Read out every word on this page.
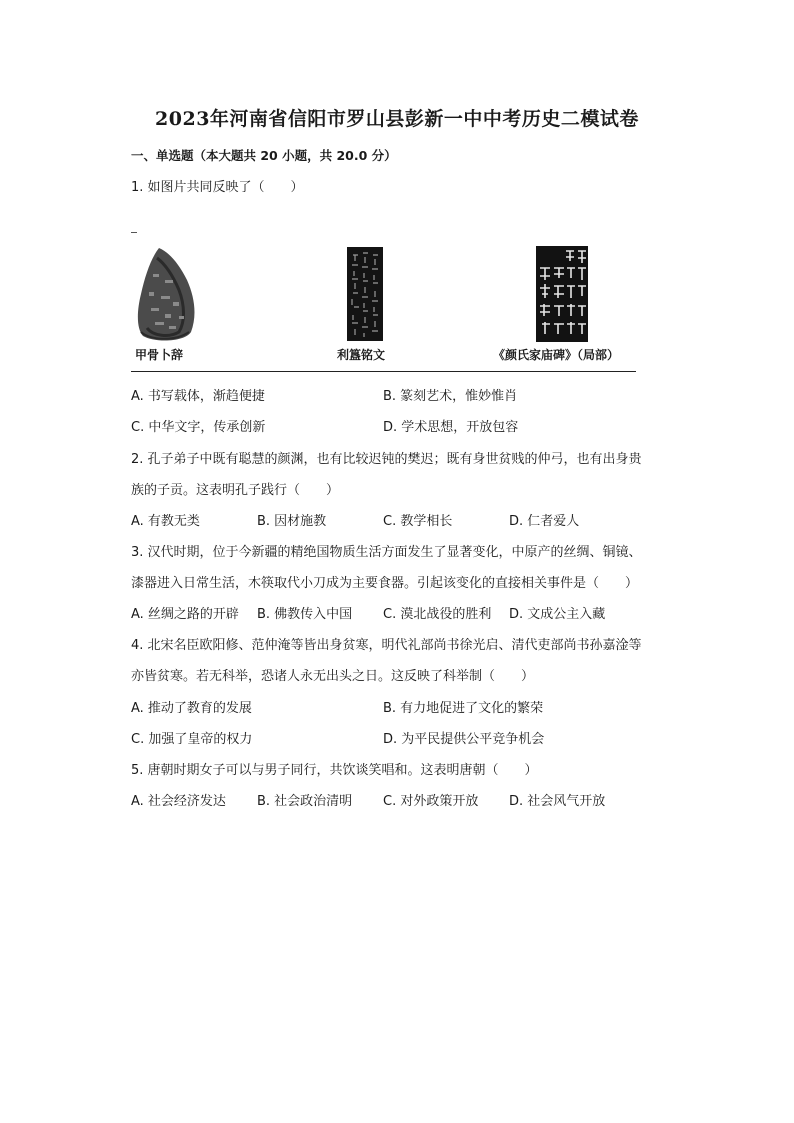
2023年河南省信阳市罗山县彭新一中中考历史二模试卷
一、单选题（本大题共 20 小题，共 20.0 分）
1. 如图片共同反映了（　　）
甲骨卜辞	利簋铭文	《颜氏家庙碑》（局部）
A. 书写载体，渐趋便捷	B. 篆刻艺术，惟妙惟肖
C. 中华文字，传承创新	D. 学术思想，开放包容
2. 孔子弟子中既有聪慧的颜渊，也有比较迟钝的樊迟；既有身世贫贱的仲弓，也有出身贵
族的子贡。这表明孔子践行（　　）
A. 有教无类	B. 因材施教	C. 教学相长	D. 仁者爱人
3. 汉代时期，位于今新疆的精绝国物质生活方面发生了显著变化，中原产的丝绸、铜镜、
漆器进入日常生活，木筷取代小刀成为主要食器。引起该变化的直接相关事件是（　　）
A. 丝绸之路的开辟 B. 佛教传入中国 C. 漠北战役的胜利 D. 文成公主入藏
4. 北宋名臣欧阳修、范仲淹等皆出身贫寒，明代礼部尚书徐光启、清代吏部尚书孙嘉淦等
亦皆贫寒。若无科举，恐诸人永无出头之日。这反映了科举制（　　）
A. 推动了教育的发展	B. 有力地促进了文化的繁荣
C. 加强了皇帝的权力	D. 为平民提供公平竞争机会
5. 唐朝时期女子可以与男子同行，共饮谈笑唱和。这表明唐朝（　　）
A. 社会经济发达 B. 社会政治清明 C. 对外政策开放 D. 社会风气开放
